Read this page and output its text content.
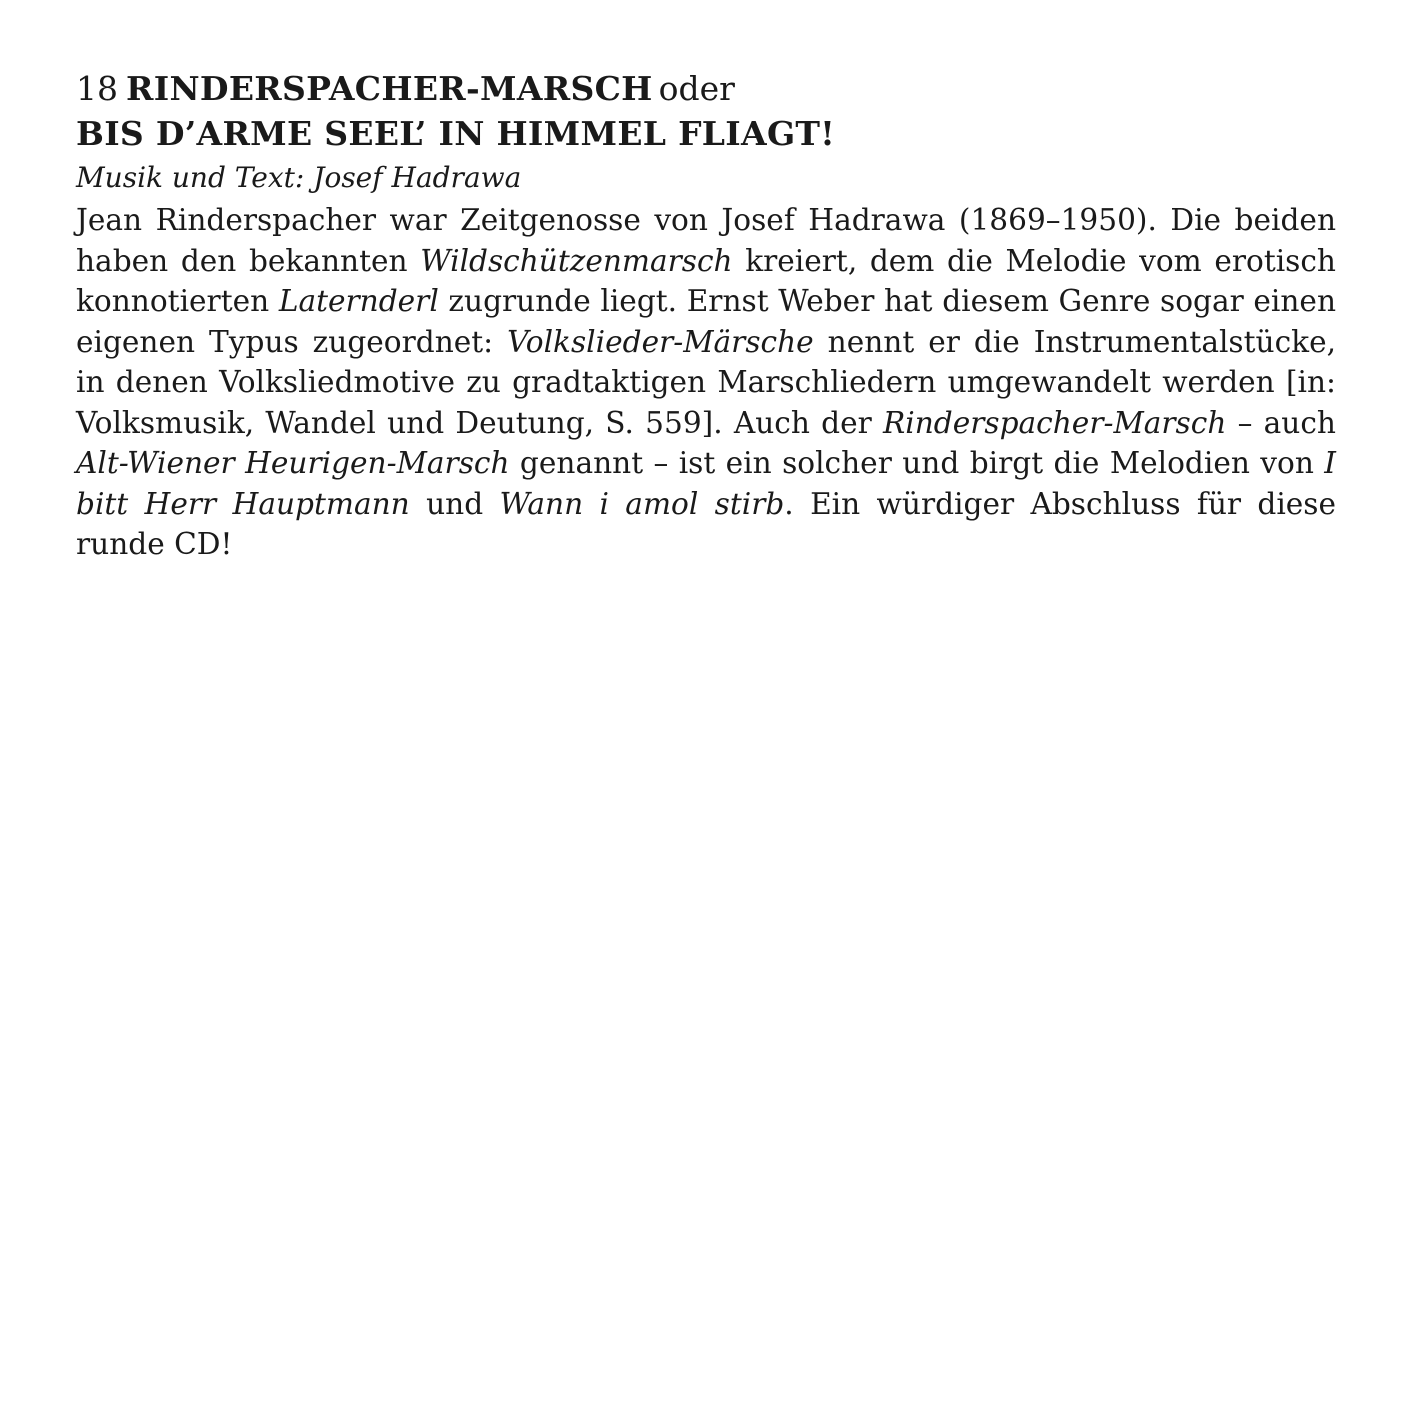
18 RINDERSPACHER-MARSCH oder
BIS D’ARME SEEL’ IN HIMMEL FLIAGT!

Musik und Text: Josef Hadrawa

Jean Rinderspacher war Zeitgenosse von Josef Hadrawa (1869–1950). Die beiden haben den bekannten Wildschützenmarsch kreiert, dem die Melodie vom erotisch konnotierten Laternderl zugrunde liegt. Ernst Weber hat diesem Genre sogar einen eigenen Typus zugeordnet: Volkslieder-Märsche nennt er die Instrumentalstücke, in denen Volksliedmotive zu gradtaktigen Marschliedern umgewandelt werden [in: Volksmusik, Wandel und Deutung, S. 559]. Auch der Rinderspacher-Marsch – auch Alt-Wiener Heurigen-Marsch genannt – ist ein solcher und birgt die Melodien von I bitt Herr Hauptmann und Wann i amol stirb. Ein würdiger Abschluss für diese runde CD!
